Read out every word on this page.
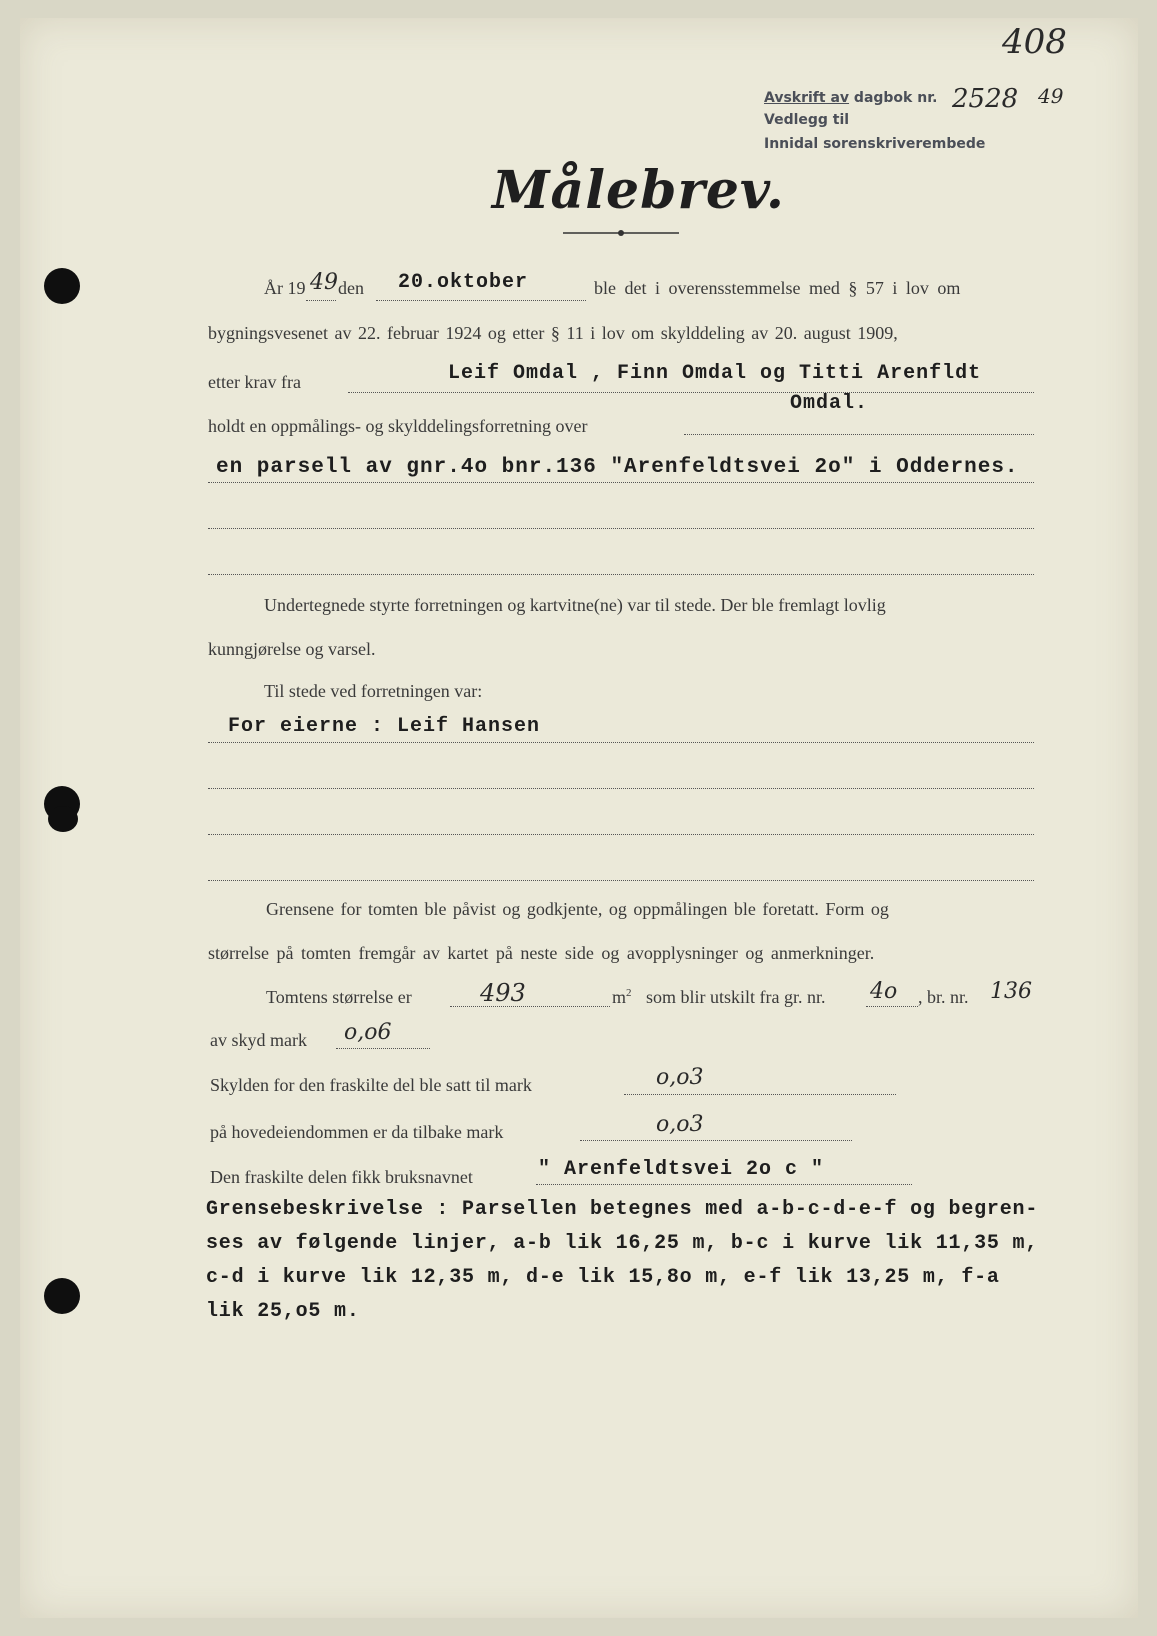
408
Avskrift av dagbok nr. 2528 49
Vedlegg til
Innidal sorenskriverembede
Målebrev.
År 19 49 den 20.oktober	ble det i overensstemmelse med § 57 i lov om
bygningsvesenet av 22. februar 1924 og etter § 11 i lov om skylddeling av 20. august 1909,
etter krav fra	Leif Omdal , Finn Omdal og Titti Arenfldt
Omdal.
holdt en oppmålings- og skylddelingsforretning over
en parsell av gnr.4o bnr.136 "Arenfeldtsvei 2o" i Oddernes.
Undertegnede styrte forretningen og kartvitne(ne) var til stede. Der ble fremlagt lovlig
kunngjørelse og varsel.
Til stede ved forretningen var:
For eierne : Leif Hansen
Grensene for tomten ble påvist og godkjente, og oppmålingen ble foretatt. Form og
størrelse på tomten fremgår av kartet på neste side og avopplysninger og anmerkninger.
Tomtens størrelse er	493	$m^2$ som blir utskilt fra gr. nr. 4o , br. nr. 136
av skyd mark o,o6
Skylden for den fraskilte del ble satt til mark	o,o3
på hovedeiendommen er da tilbake mark	o,o3
Den fraskilte delen fikk bruksnavnet	" Arenfeldtsvei 2o c "
Grensebeskrivelse : Parsellen betegnes med a-b-c-d-e-f og begren-
ses av følgende linjer, a-b lik 16,25 m, b-c i kurve lik 11,35 m,
c-d i kurve lik 12,35 m, d-e lik 15,8o m, e-f lik 13,25 m, f-a
lik 25,o5 m.
